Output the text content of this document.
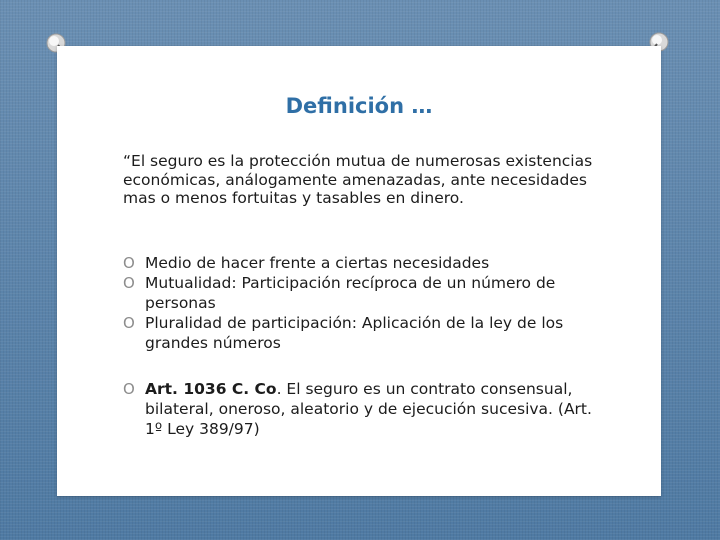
Definición …
“El seguro es la protección mutua de numerosas existencias económicas, análogamente amenazadas, ante necesidades mas o menos fortuitas y tasables en dinero.
O Medio de hacer frente a ciertas necesidades
O Mutualidad: Participación recíproca de un número de personas
O Pluralidad de participación: Aplicación de la ley de los grandes números
O Art. 1036 C. Co. El seguro es un contrato consensual, bilateral, oneroso, aleatorio y de ejecución sucesiva. (Art. 1º Ley 389/97)
